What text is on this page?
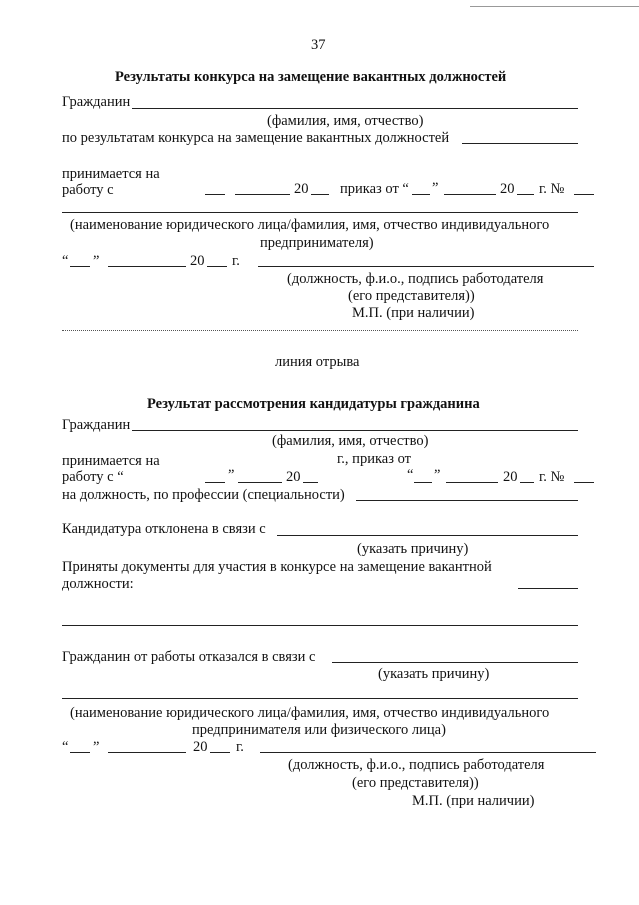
37
Результаты конкурса на замещение вакантных должностей
Гражданин
(фамилия, имя, отчество)
по результатам конкурса на замещение вакантных должностей
принимается на
работу с	20 приказ от “ ”	20 г. №
(наименование юридического лица/фамилия, имя, отчество индивидуального
предпринимателя)
“ ”	20 г.
(должность, ф.и.о., подпись работодателя
(его представителя))
М.П. (при наличии)
линия отрыва
Результат рассмотрения кандидатуры гражданина
Гражданин
(фамилия, имя, отчество)
принимается на	г., приказ от
работу с “	”	20	“ ”	20 г. №
на должность, по профессии (специальности)
Кандидатура отклонена в связи с
(указать причину)
Приняты документы для участия в конкурсе на замещение вакантной
должности:
Гражданин от работы отказался в связи с
(указать причину)
(наименование юридического лица/фамилия, имя, отчество индивидуального
предпринимателя или физического лица)
“ ”	20 г.
(должность, ф.и.о., подпись работодателя
(его представителя))
М.П. (при наличии)
